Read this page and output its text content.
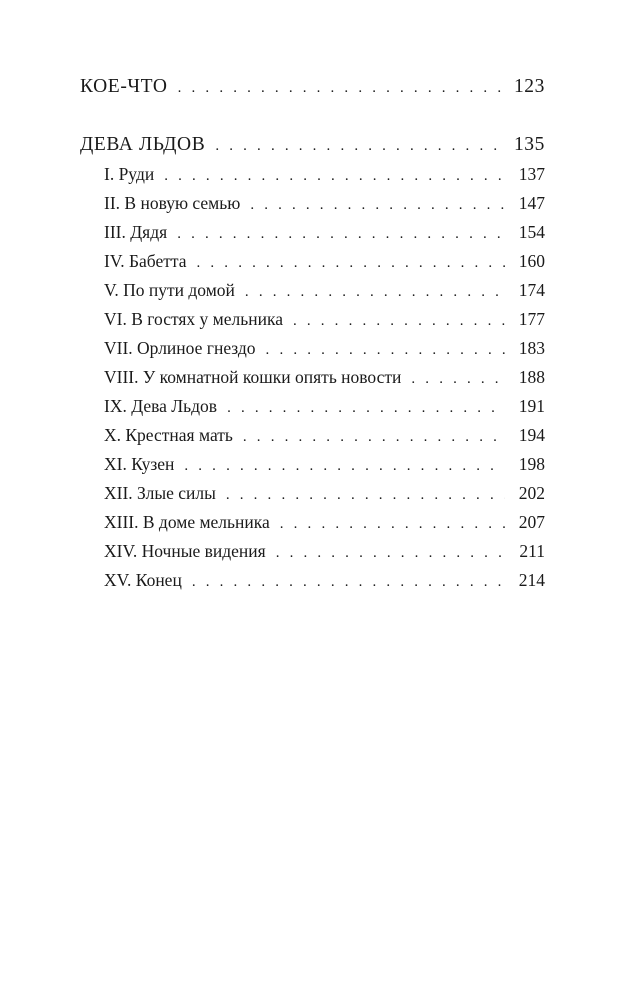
КОЕ-ЧТО . . .	123
ДЕВА ЛЬДОВ . . .	135
I. Руди . . .	137
II. В новую семью . . .	147
III. Дядя . . .	154
IV. Бабетта . . .	160
V. По пути домой . . .	174
VI. В гостях у мельника . . .	177
VII. Орлиное гнездо . . .	183
VIII. У комнатной кошки опять новости . . .	188
IX. Дева Льдов . . .	191
X. Крестная мать . . .	194
XI. Кузен . . .	198
XII. Злые силы . . .	202
XIII. В доме мельника . . .	207
XIV. Ночные видения . . .	211
XV. Конец . . .	214
